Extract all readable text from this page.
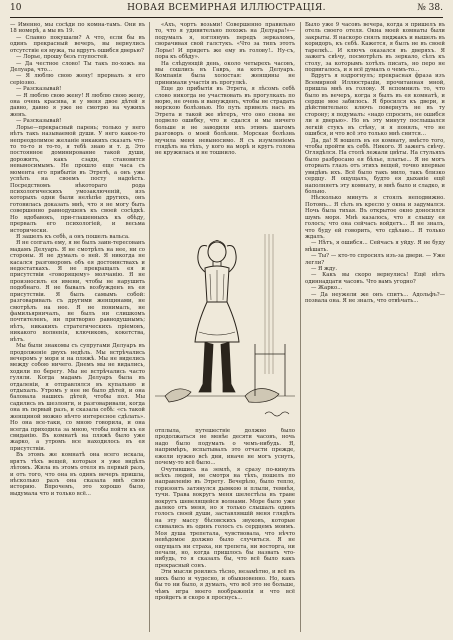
10	НОВАЯ ВСЕМИРНАЯ ИЛЛЮСТРАЦІЯ.	№ 38.

— Именно, мы сосѣди по комна-тамъ. Они въ 18 номерѣ, а мы въ 19.

— Славно покушали? А что, если бы въ одинъ прекрасный вечеръ, вы вернулись отсутствіе ея мужа, ты вдругъ ошибся дверью?

— Лорье, прошу безъ глупостей.

— Да честное слово! Ты такъ по-хожъ на Делуара, что...

— Я люблю свою жену! прервалъ я его серіозно.

— Разсказывай!

— Я люблю свою жену! Я люблю свою жену, она очень красива, и у меня двое дѣтей я давно, давно я уже не смотрю на чужихъ женъ.

— Разсказывай!

Лорье—прекрасный парень; только у него нѣтъ такъ называемой души. У него какое-то непреодолимое желаніе никакихъ сказать что-то то-то и то-то, я тебѣ знаю и т. д. Это постоянное доминирование такой души, дорожитъ, какъ сзади, становится невыносимымъ. Не прошло еще часа съ момента его прибытія въ Этретѣ, а онъ уже успѣлъ на своемъ посту надоѣсть. Посредствомъ нѣкотораго рода психологическихъ умозаключеній, изъ которыхъ одни были нелѣпѣе другихъ, онъ готовилась доказать мнѣ, что я не могу быть совершенно равнодушенъ къ своей сосѣдкѣ. Но вдобавокъ, при-глашенныхъ къ обѣду, прервалъ его психологіей, и весьма исторически.

Я зашелъ къ себѣ, а онъ пошелъ вальса.

Я не солгалъ ему, я не былъ заин-тересованъ мадамъ Делуаръ. Я не смотрѣлъ на нее, ни со стороны. Я не думалъ о ней. Я никогда не касался разговоромъ объ ея достоинствахъ и недостаткахъ. Я не прекращалъ ея и присутствіи «говорящему» молчанію. Я не произносилъ ея имени, чтобы не нарушить подобнаго. Я не бывалъ возбужденъ въ ея присутствіи. Я былъ самымъ собой: разговаривалъ съ другими женщинами, не смотрѣлъ на нее. Я не понималъ, не фамильярничалъ, не былъ ни слишкомъ почтителенъ, ни притворно равнодушнымъ; нѣтъ, никакихъ стратегическихъ пріемовъ, никакого волненія, ключиковъ, кокетства, нѣтъ.

Мы были знакомы съ супругами Делуаръ въ продолженіе двухъ недѣль. Мы встрѣчались вечеромъ у моря и на пляжѣ. Мы не виделись между собою ничего. Днемъ мы не видались, ходили по берегу. Мы не встрѣчались часто гуляли. Когда мадамъ Делуаръ была въ отдаленіи, я отправлялся въ купальню и отдыхалъ. Утромъ у нее не было дѣтей, и она баловала нашихъ дѣтей, чтобы пол. Мы садились въ шезлонги, и разговаривали, когда она въ первый разъ, и сказала себѣ: «съ такой женщиной можно нѣчто интересное сдѣлать». Но она все-таки, со мною говорила, и она всегда приходила за мною, чтобы пойти къ ея свиданію. Въ комнатѣ на пляжѣ было уже жарко, а утромъ все находилось въ ея присутствіи.

Въ этомъ же комнатѣ она всего искала, врятъ тѣхъ вещей, которыя я уже видѣлъ лѣтомъ. Жила въ этомъ отеля въ первый разъ, и отъ того, что она въ одинъ вечеръ пришла, нѣсколько разъ она сказала мнѣ свою историю. Впрочемъ, это хорошо было, выдумала что и только всё...

«Ахъ, чортъ возьми! Совершенно правильно то, что я удивительно похожъ на Делуара!»—подумалъ я, взглянувъ передъ зеркаломъ, сворачивая свой галстукъ. «Что за типъ этотъ Лорье! И придетъ же ему въ голову!.. Ну-съ, пора къ обѣду».

На слѣдующій день, около четырехъ часовъ, мы сошлись въ Гавръ, на котъ Делуаръ. Компанія была холостая: женщины не принимали участія въ прогулкѣ.

Еще до прибытія въ Этрета, я лѣсомъ себѣ слово никогда не участвовать въ прогулкахъ по морю, не очень и вынужденъ, чтобы не страдать морскою болѣзнью. Но путь привелъ насъ въ Этрета и такой же вѣтеръ, что оно снова не подвело ошибку, что и сдался и мы ничего больше и не заводили ихъ этимъ шагомъ разговоръ о моей болѣзни. Морская болѣзнь мучила меня невыносимо. Я съ изумленіемъ глядѣлъ на тѣхъ, у кого на морѣ и кругъ голова не кружилась и не тошнило.

отплыла, путешествіе должно было продолжаться не менѣе десяти часовъ, ночь надо было подумать о чемъ-нибудь. Я, напримѣръ, испытывалъ это отчасти прежде, ежели нужно всѣ дни, иначе не могъ уснуть, почему-то всё было...

Очутившись на землѣ, я сразу по-кинулъ всѣхъ людей, не смотря на тѣхъ, пошелъ по направленію въ Этрету. Вечерѣло, было тепло, горизонтъ затянулся дымкою и плыли, темнѣя, тучи. Трава вокругъ меня шелестѣла въ траве вокругъ шевелящейся волнами. Море было уже далеко отъ меня, но я только слышалъ одинъ голосъ своей души, заставлявшій меня глядѣть на эту массу бѣсовскихъ звуковъ, которые сливались въ одинъ голосъ съ сердцемъ моимъ. Моя душа трепетала, чувствовала, что нѣчто невѣдомое должно было случиться. Я не ощущалъ ни страха, ни трепета, ни восторга, ни печали, но, когда пришлось бы назвать что-нибудь, то я сказалъ бы, что всё было какъ прекрасный сонъ.

Эти мысли роились тѣсно, незамѣтно, и всё въ нихъ было и чудесно, и обыкновенно. Но, какъ бы то ни было, я думалъ, что всё это не больше, чѣмъ игра моего воображенія и что всё пройдетъ и скоро я проснусь...

Было уже 9 часовъ вечера, когда я пришелъ въ отель своего отеля. Окна моей комнаты были закрыты. Я наскоро снялъ пиджакъ и вышелъ въ коридоръ, къ себѣ. Кажется, я былъ не въ своей тарелкѣ... И ключъ оказался въ дверяхъ. Я зажегъ свѣчу, посмотрѣлъ въ зеркало, сѣлъ къ столу, за которымъ хотѣлъ писать, но перо не подвигалось, и я всё думалъ о чемъ-то...

Вдругъ я вздрогнулъ; прекрасная фраза изъ Всемирной Иллюстраціи, прочитанная мной, пришла мнѣ въ голову. Я вспомнилъ то, что было въ вечеръ, когда я былъ въ ея комнатѣ, и сердце мое забилось. Я бросился къ двери, и дѣйствительно: ключъ повернутъ не въ ту сторону; я подумалъ: «надо спросить, не ошибся ли я дверью». Но въ эту минуту послышался легкій стукъ въ стѣну, и я понялъ, что не ошибся, и что всё это только мнѣ снится...

Да, да! Я вошелъ въ ея комнату, вмѣсто того, чтобы пройти къ себѣ. Никого. Я зажегъ свѣчу. Оглядѣлся. На столѣ лежали цвѣты. На стульяхъ было разбросано ея бѣлье, платье... Я не могъ оторвать глазъ отъ этихъ вещей, точно впервые увидѣвъ ихъ. Всё было такъ мило, такъ близко сердцу. Я ощущалъ, будто ея дыханіе ещё наполняетъ эту комнату, и мнѣ было и сладко, и больно.

Нѣсколько минутъ я стоялъ неподвижно. Потомъ... Я сѣлъ въ кресло у окна и задумался. Ночь была тихая. Въ открытое окно доносился шумъ моря. Мнѣ казалось, что я слышу ея голосъ; что она сейчасъ войдетъ... Я не зналъ, что буду ей говорить, что сдѣлаю... Я только ждалъ.

— Нѣтъ, я ошибся... Сейчасъ я уйду. Я не буду мѣшать.

— Ты? — кто-то спросилъ изъ-за двери. — Уже легли?

— Я жду.

— Какъ вы скоро вернулись! Ещё нѣтъ одиннадцати часовъ. Что вамъ угодно?

— Жарко...

— Да неужели же онъ спитъ... Адольфъ?—позвала она. Я не зналъ, что отвѣчать...
